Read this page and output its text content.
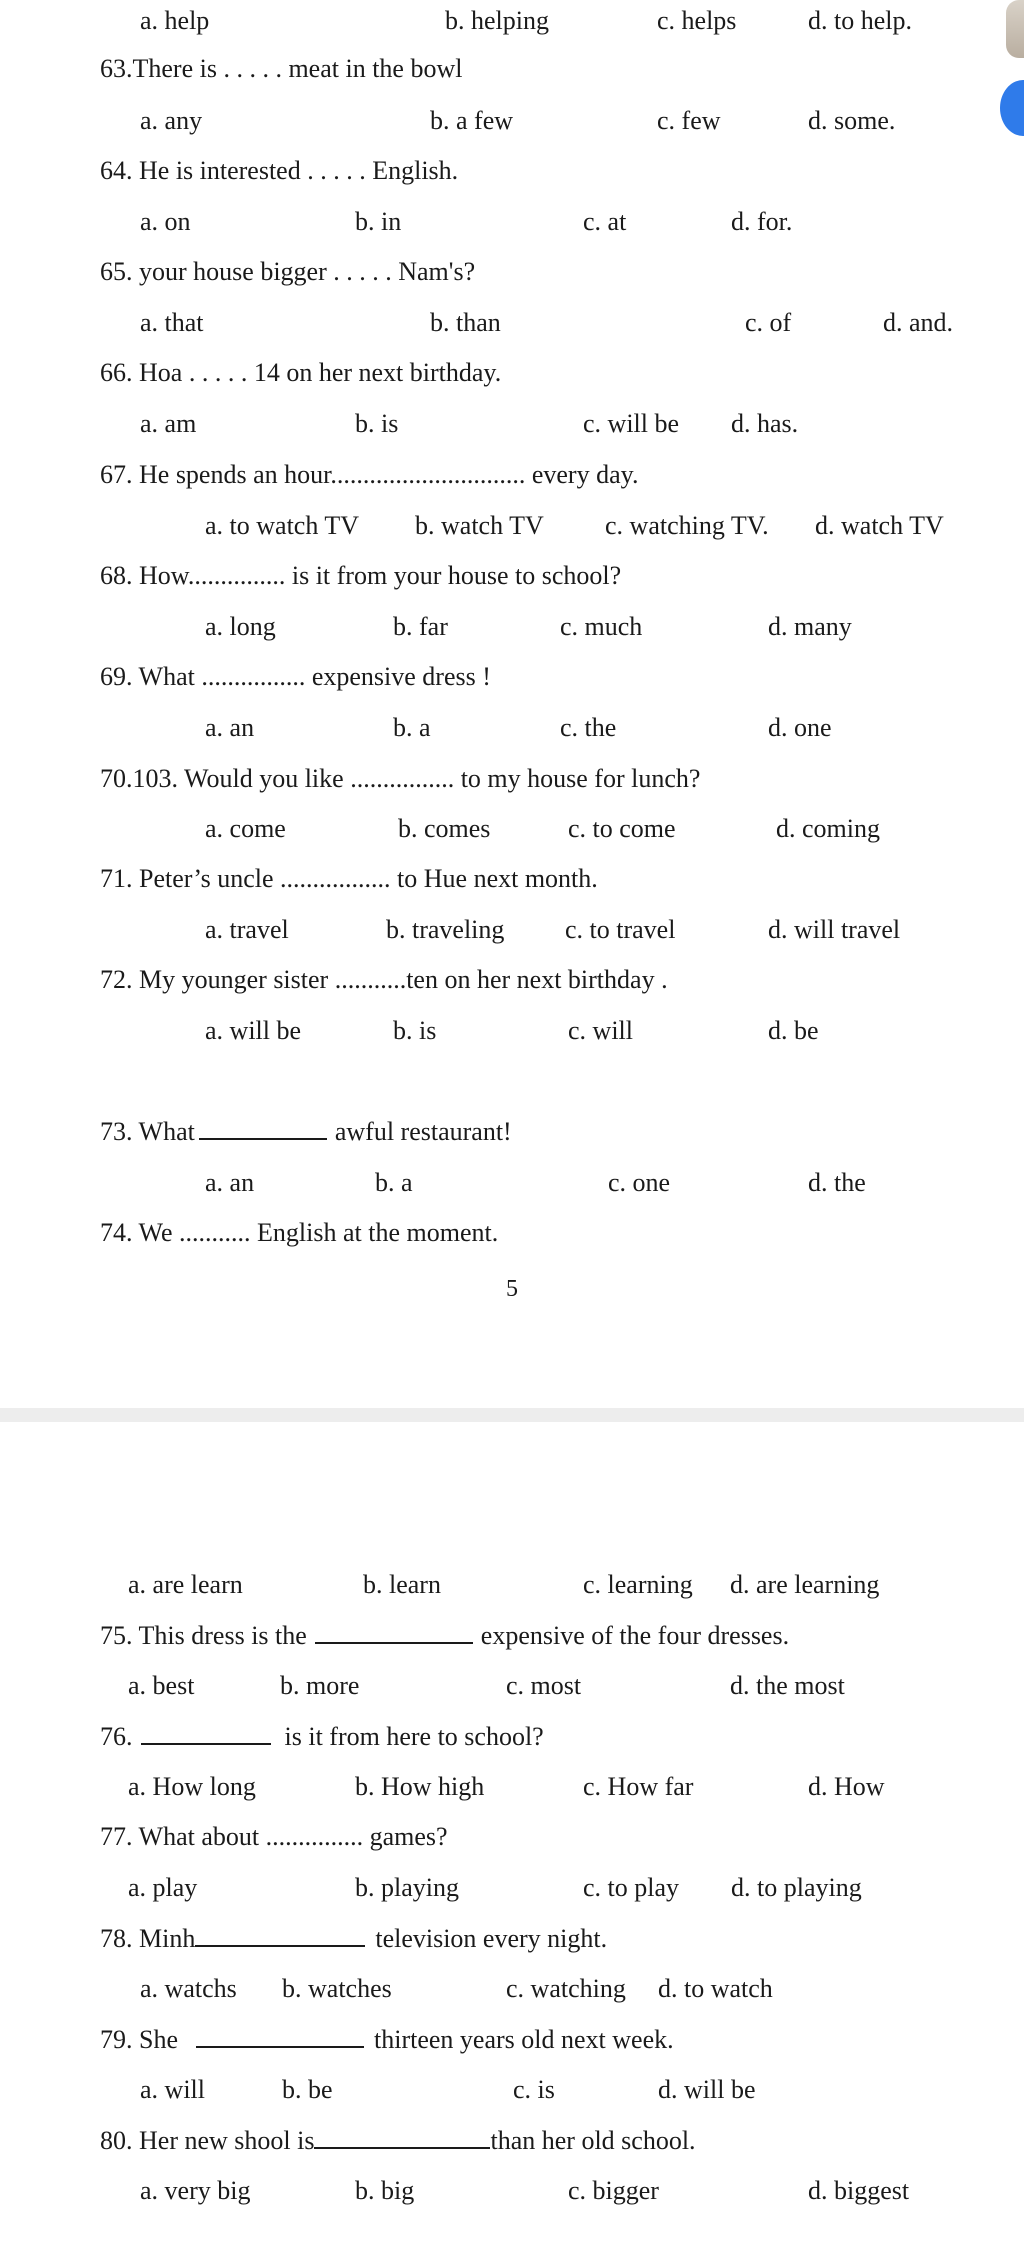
a. help	b. helping	c. helps	d. to help.
63.There is . . . . . meat in the bowl
a. any	b. a few	c. few	d. some.
64. He is interested . . . . . English.
a. on	b. in	c. at	d. for.
65. your house bigger . . . . . Nam's?
a. that	b. than	c. of	d. and.
66. Hoa . . . . . 14 on her next birthday.
a. am	b. is	c. will be d. has.
67. He spends an hour.............................. every day.
a. to watch TV b. watch TV c. watching TV. d. watch TV
68. How............... is it from your house to school?
a. long	b. far	c. much	d. many
69. What ................ expensive dress !
a. an	b. a	c. the	d. one
70.103. Would you like ................ to my house for lunch?
a. come	b. comes	c. to come	d. coming
71. Peter’s uncle ................. to Hue next month.
a. travel	b. traveling c. to travel	d. will travel
72. My younger sister ...........ten on her next birthday .
a. will be	b. is	c. will	d. be
73. What	awful restaurant!
a. an	b. a	c. one	d. the
74. We ........... English at the moment.
5
a. are learn	b. learn	c. learning d. are learning
75. This dress is the	expensive of the four dresses.
a. best	b. more	c. most	d. the most
76.	is it from here to school?
a. How long	b. How high	c. How far	d. How
77. What about ............... games?
a. play	b. playing	c. to play d. to playing
78. Minh	television every night.
a. watchs b. watches	c. watching d. to watch
79. She	thirteen years old next week.
a. will	b. be	c. is	d. will be
80. Her new shool is	than her old school.
a. very big	b. big	c. bigger	d. biggest
